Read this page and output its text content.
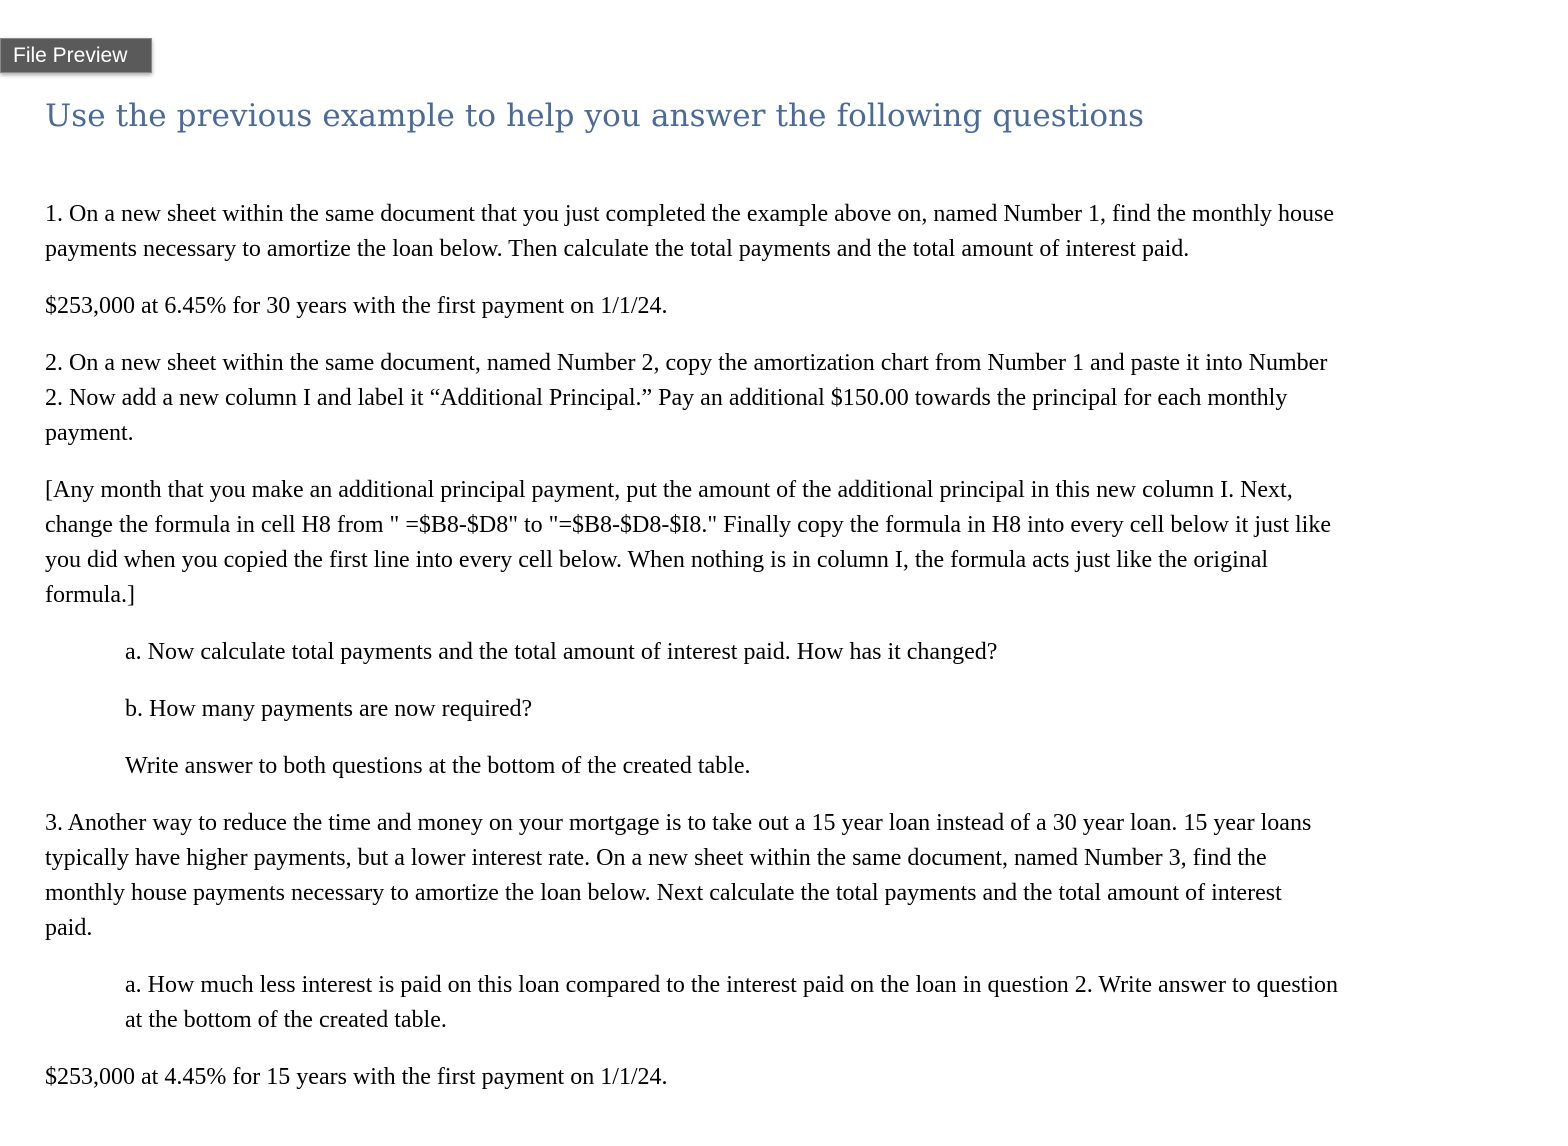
File Preview
Use the previous example to help you answer the following questions
1. On a new sheet within the same document that you just completed the example above on, named Number 1, find the monthly house
payments necessary to amortize the loan below. Then calculate the total payments and the total amount of interest paid.
$253,000 at 6.45% for 30 years with the first payment on 1/1/24.
2. On a new sheet within the same document, named Number 2, copy the amortization chart from Number 1 and paste it into Number
2. Now add a new column I and label it “Additional Principal.” Pay an additional $150.00 towards the principal for each monthly
payment.
[Any month that you make an additional principal payment, put the amount of the additional principal in this new column I. Next,
change the formula in cell H8 from " =$B8-$D8" to "=$B8-$D8-$I8." Finally copy the formula in H8 into every cell below it just like
you did when you copied the first line into every cell below. When nothing is in column I, the formula acts just like the original
formula.]
a. Now calculate total payments and the total amount of interest paid. How has it changed?
b. How many payments are now required?
Write answer to both questions at the bottom of the created table.
3. Another way to reduce the time and money on your mortgage is to take out a 15 year loan instead of a 30 year loan. 15 year loans
typically have higher payments, but a lower interest rate. On a new sheet within the same document, named Number 3, find the
monthly house payments necessary to amortize the loan below. Next calculate the total payments and the total amount of interest
paid.
a. How much less interest is paid on this loan compared to the interest paid on the loan in question 2. Write answer to question
at the bottom of the created table.
$253,000 at 4.45% for 15 years with the first payment on 1/1/24.
